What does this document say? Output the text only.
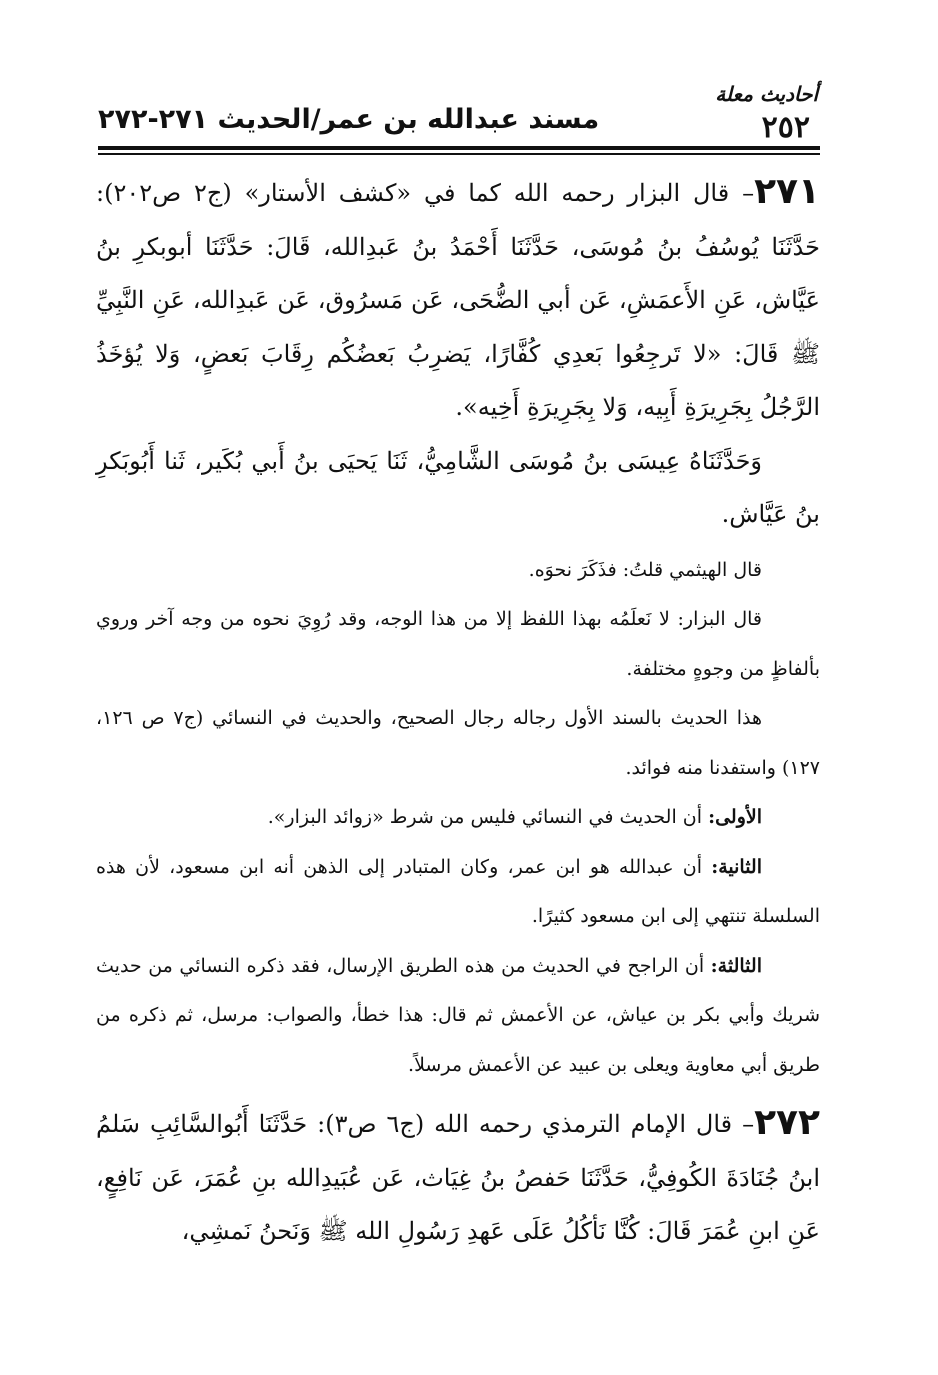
أحاديث معلة
٢٥٢
مسند عبدالله بن عمر/الحديث ٢٧١-٢٧٢

٢٧١– قال البزار رحمه الله كما في «كشف الأستار» (ج٢ ص٢٠٢): حَدَّثَنَا يُوسُفُ بنُ مُوسَى، حَدَّثَنَا أَحْمَدُ بنُ عَبدِالله، قَالَ: حَدَّثَنَا أبوبكرِ بنُ عَيَّاش، عَنِ الأَعمَشِ، عَن أبي الضُّحَى، عَن مَسرُوق، عَن عَبدِالله، عَنِ النَّبِيِّ ﷺ قَالَ: «لا تَرجِعُوا بَعدِي كُفَّارًا، يَضرِبُ بَعضُكُم رِقَابَ بَعضٍ، وَلا يُؤخَذُ الرَّجُلُ بِجَرِيرَةِ أَبِيه، وَلا بِجَرِيرَةِ أَخِيه».

وَحَدَّثَنَاهُ عِيسَى بنُ مُوسَى الشَّامِيُّ، ثَنَا يَحيَى بنُ أَبي بُكَير، ثَنا أَبُوبَكرِ بنُ عَيَّاش.

قال الهيثمي قلتُ: فذَكَرَ نحوَه.

قال البزار: لا نَعلَمُه بهذا اللفظ إلا من هذا الوجه، وقد رُوِيَ نحوه من وجه آخر وروي بألفاظٍ من وجوهٍ مختلفة.

هذا الحديث بالسند الأول رجاله رجال الصحيح، والحديث في النسائي (ج٧ ص ١٢٦، ١٢٧) واستفدنا منه فوائد.

الأولى: أن الحديث في النسائي فليس من شرط «زوائد البزار».

الثانية: أن عبدالله هو ابن عمر، وكان المتبادر إلى الذهن أنه ابن مسعود، لأن هذه السلسلة تنتهي إلى ابن مسعود كثيرًا.

الثالثة: أن الراجح في الحديث من هذه الطريق الإرسال، فقد ذكره النسائي من حديث شريك وأبي بكر بن عياش، عن الأعمش ثم قال: هذا خطأ، والصواب: مرسل، ثم ذكره من طريق أبي معاوية ويعلى بن عبيد عن الأعمش مرسلاً.

٢٧٢– قال الإمام الترمذي رحمه الله (ج٦ ص٣): حَدَّثَنَا أَبُوالسَّائِبِ سَلمُ ابنُ جُنَادَةَ الكُوفِيُّ، حَدَّثَنَا حَفصُ بنُ غِيَاث، عَن عُبَيدِالله بنِ عُمَرَ، عَن نَافِعٍ، عَنِ ابنِ عُمَرَ قَالَ: كُنَّا نَأكُلُ عَلَى عَهدِ رَسُولِ الله ﷺ وَنَحنُ نَمشِي،
